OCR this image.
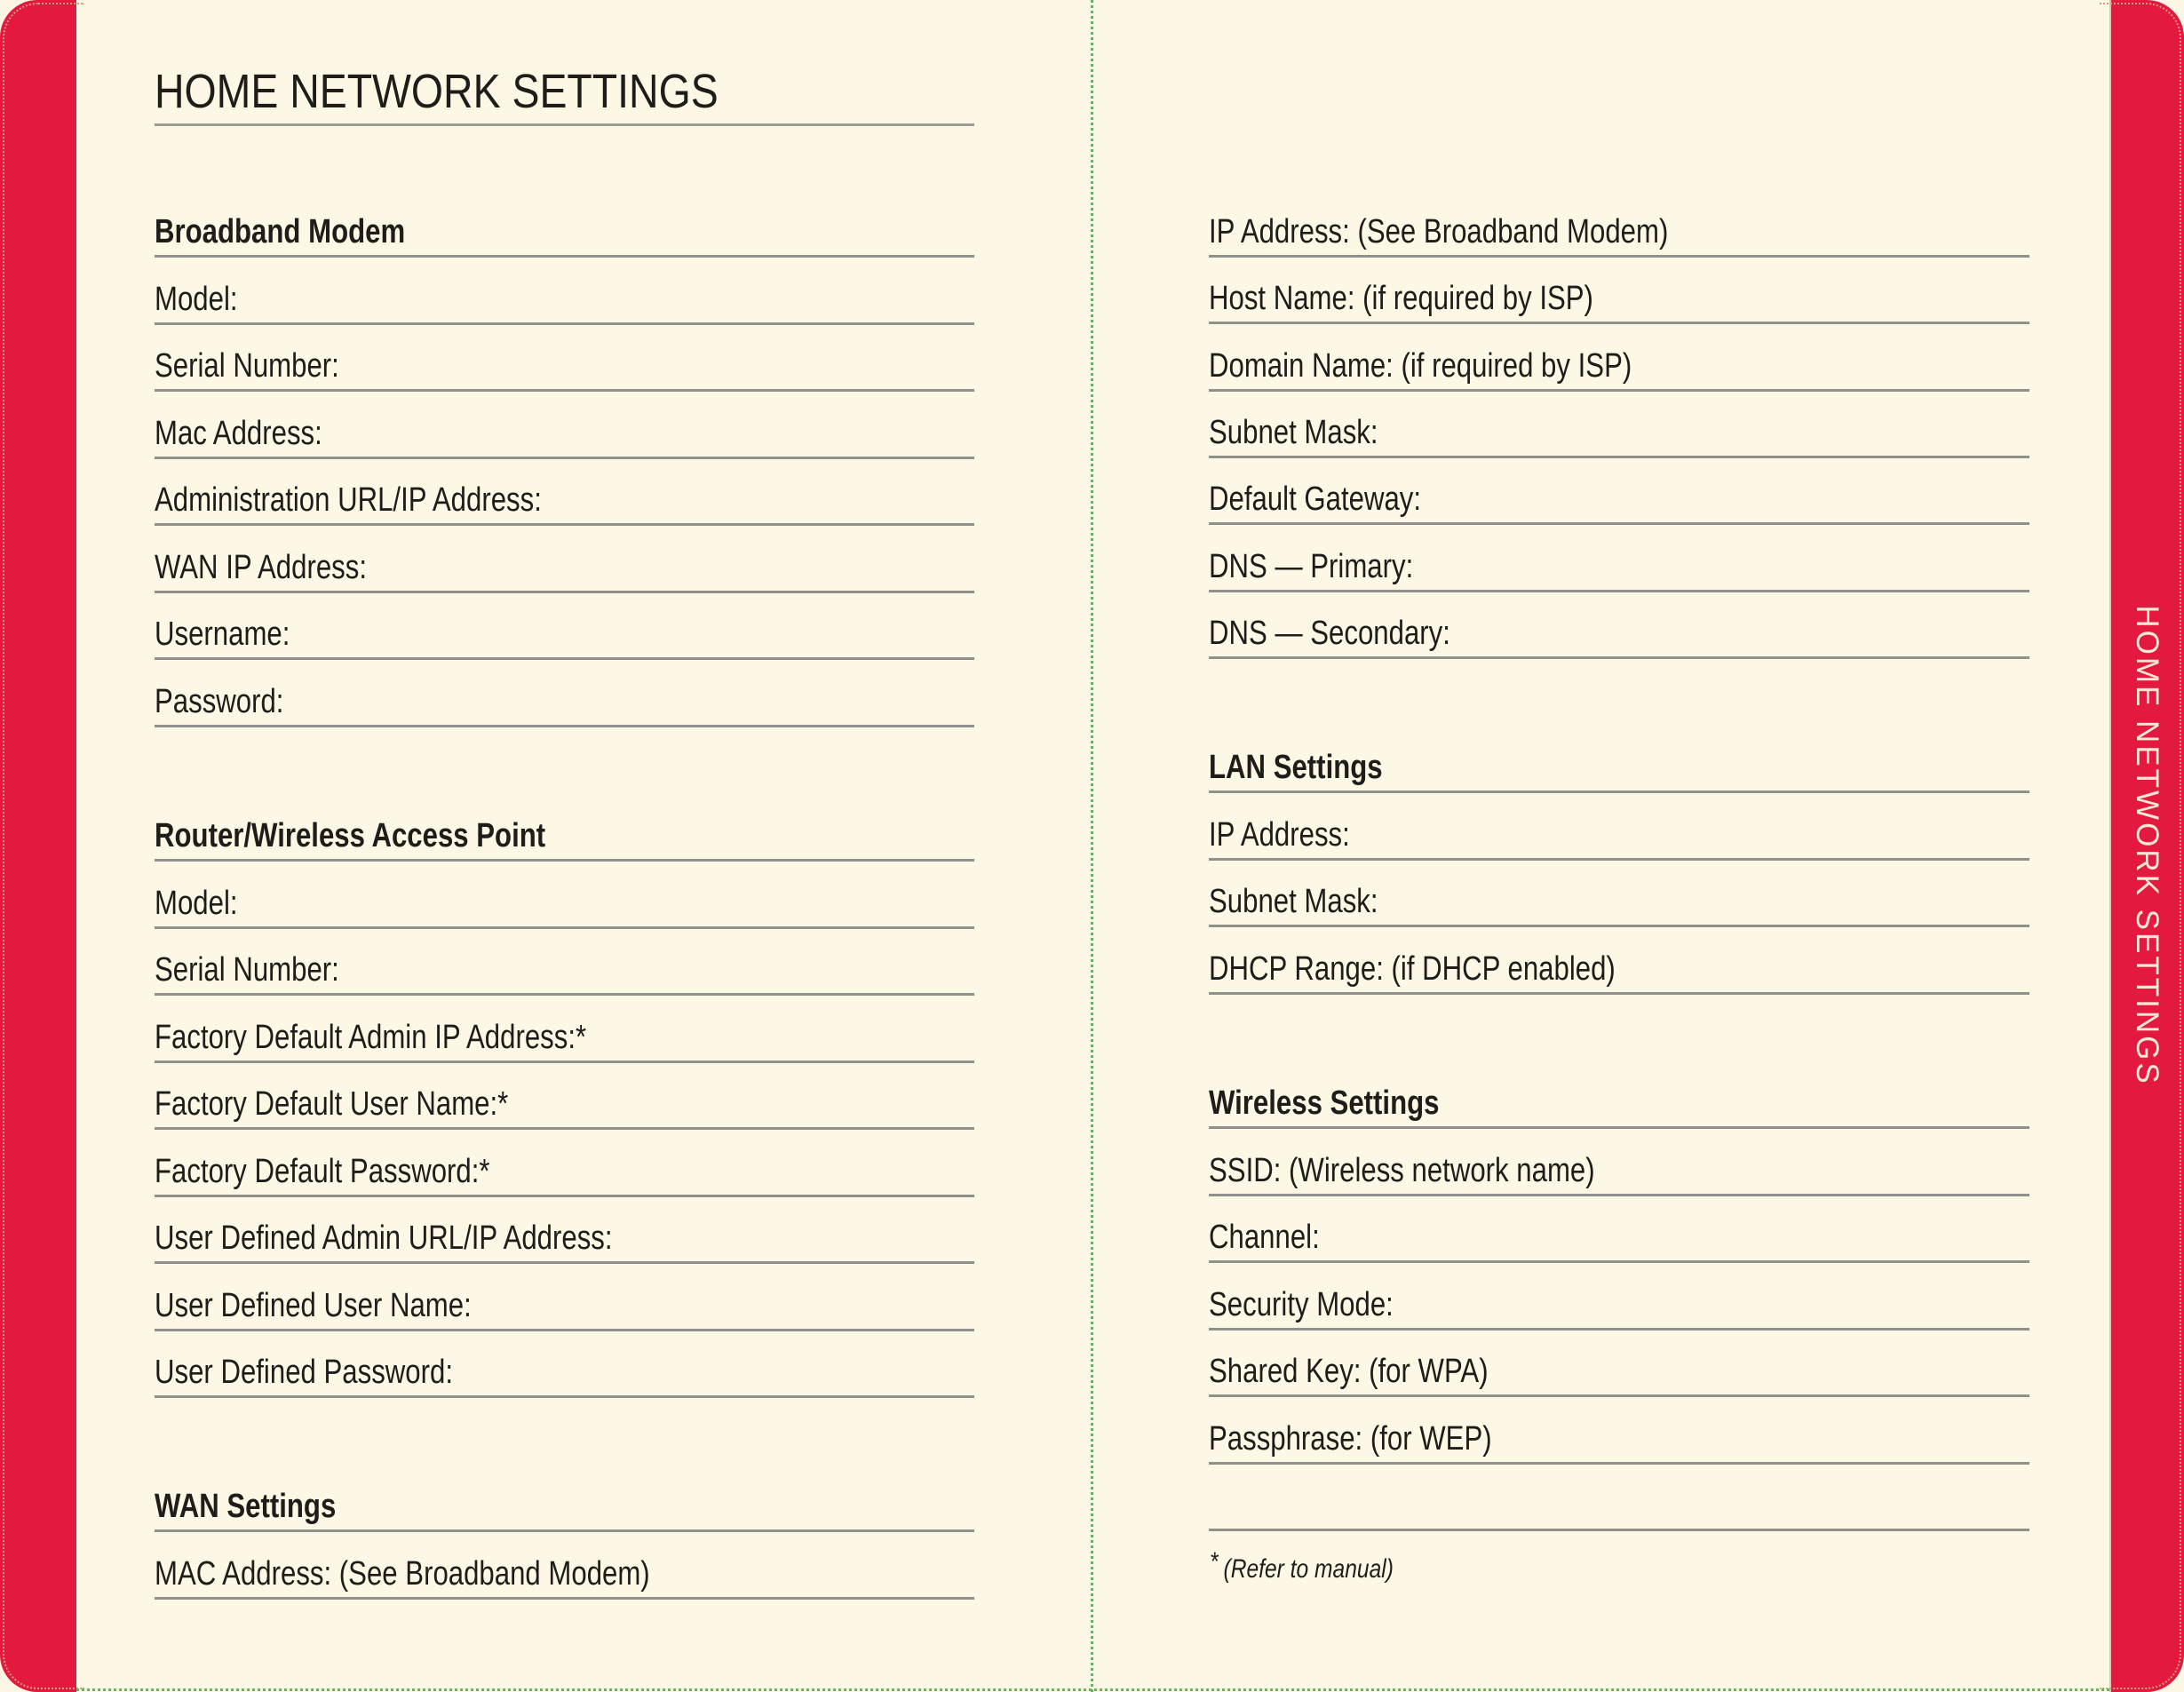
HOME NETWORK SETTINGS
HOME NETWORK SETTINGS
Broadband Modem
Model:
Serial Number:
Mac Address:
Administration URL/IP Address:
WAN IP Address:
Username:
Password:
Router/Wireless Access Point
Model:
Serial Number:
Factory Default Admin IP Address:*
Factory Default User Name:*
Factory Default Password:*
User Defined Admin URL/IP Address:
User Defined User Name:
User Defined Password:
WAN Settings
MAC Address: (See Broadband Modem)
IP Address: (See Broadband Modem)
Host Name: (if required by ISP)
Domain Name: (if required by ISP)
Subnet Mask:
Default Gateway:
DNS — Primary:
DNS — Secondary:
LAN Settings
IP Address:
Subnet Mask:
DHCP Range: (if DHCP enabled)
Wireless Settings
SSID: (Wireless network name)
Channel:
Security Mode:
Shared Key: (for WPA)
Passphrase: (for WEP)
* (Refer to manual)
